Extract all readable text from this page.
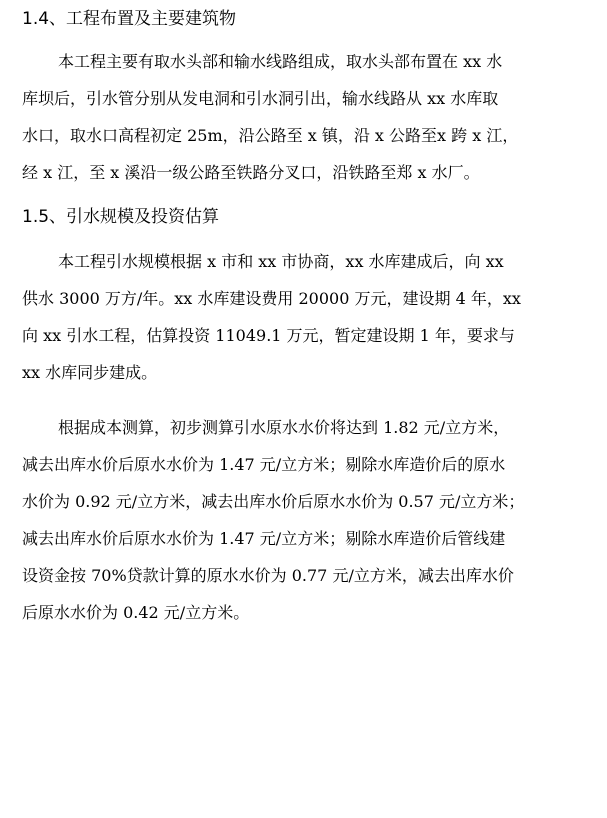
1.4、工程布置及主要建筑物
本工程主要有取水头部和输水线路组成，取水头部布置在 xx 水
库坝后，引水管分别从发电洞和引水洞引出，输水线路从 xx 水库取
水口，取水口高程初定 25m，沿公路至 x 镇，沿 x 公路至x 跨 x 江，
经 x 江，至 x 溪沿一级公路至铁路分叉口，沿铁路至郑 x 水厂。
1.5、引水规模及投资估算
本工程引水规模根据 x 市和 xx 市协商，xx 水库建成后，向 xx
供水 3000 万方/年。xx 水库建设费用 20000 万元，建设期 4 年，xx
向 xx 引水工程，估算投资 11049.1 万元，暂定建设期 1 年，要求与
xx 水库同步建成。
根据成本测算，初步测算引水原水水价将达到 1.82 元/立方米，
减去出库水价后原水水价为 1.47 元/立方米；剔除水库造价后的原水
水价为 0.92 元/立方米，减去出库水价后原水水价为 0.57 元/立方米；
减去出库水价后原水水价为 1.47 元/立方米；剔除水库造价后管线建
设资金按 70%贷款计算的原水水价为 0.77 元/立方米，减去出库水价
后原水水价为 0.42 元/立方米。
